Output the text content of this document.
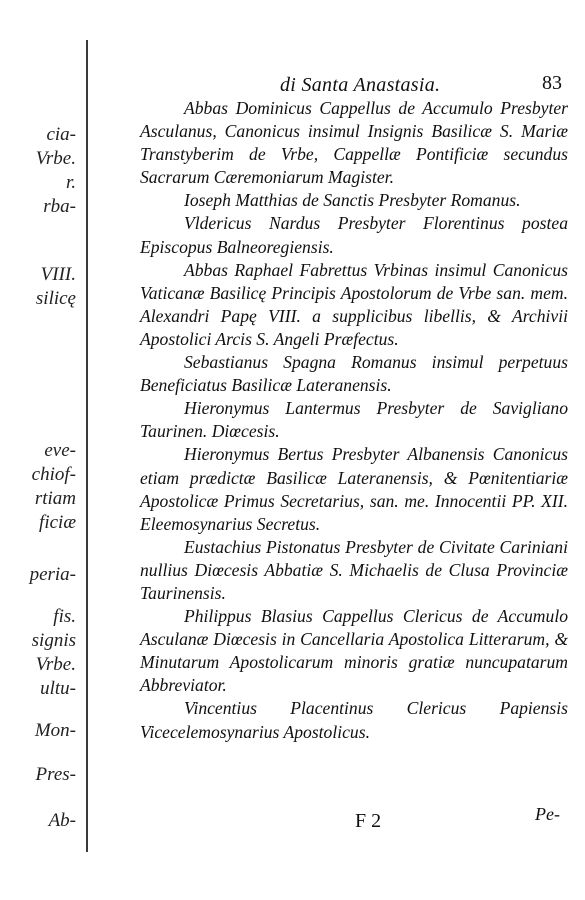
cia-
Vrbe.
r.
rba-
VIII.
silicę
eve-
chiof-
rtiam
ficiæ
peria-
fis.
signis
Vrbe.
ultu-
Mon-
Pres-
Ab-
di Santa Anastasia.	83

Abbas Dominicus Cappellus de Accumulo Presbyter Asculanus, Canonicus insimul Insignis Basilicæ S. Mariæ Transtyberim de Vrbe, Cappellæ Pontificiæ secundus Sacrarum Cæremoniarum Magister.

Ioseph Matthias de Sanctis Presbyter Romanus.

Vldericus Nardus Presbyter Florentinus postea Episcopus Balneoregiensis.

Abbas Raphael Fabrettus Vrbinas insimul Canonicus Vaticanæ Basilicę Principis Apostolorum de Vrbe san. mem. Alexandri Papę VIII. a supplicibus libellis, & Archivii Apostolici Arcis S. Angeli Præfectus.

Sebastianus Spagna Romanus insimul perpetuus Beneficiatus Basilicæ Lateranensis.

Hieronymus Lantermus Presbyter de Savigliano Taurinen. Diœcesis.

Hieronymus Bertus Presbyter Albanensis Canonicus etiam prædictæ Basilicæ Lateranensis, & Pœnitentiariæ Apostolicæ Primus Secretarius, san. me. Innocentii PP. XII. Eleemosynarius Secretus.

Eustachius Pistonatus Presbyter de Civitate Cariniani nullius Diœcesis Abbatiæ S. Michaelis de Clusa Provinciæ Taurinensis.

Philippus Blasius Cappellus Clericus de Accumulo Asculanæ Diœcesis in Cancellaria Apostolica Litterarum, & Minutarum Apostolicarum minoris gratiæ nuncupatarum Abbreviator.

Vincentius Placentinus Clericus Papiensis Vicecelemosynarius Apostolicus.

F 2	Pe-
